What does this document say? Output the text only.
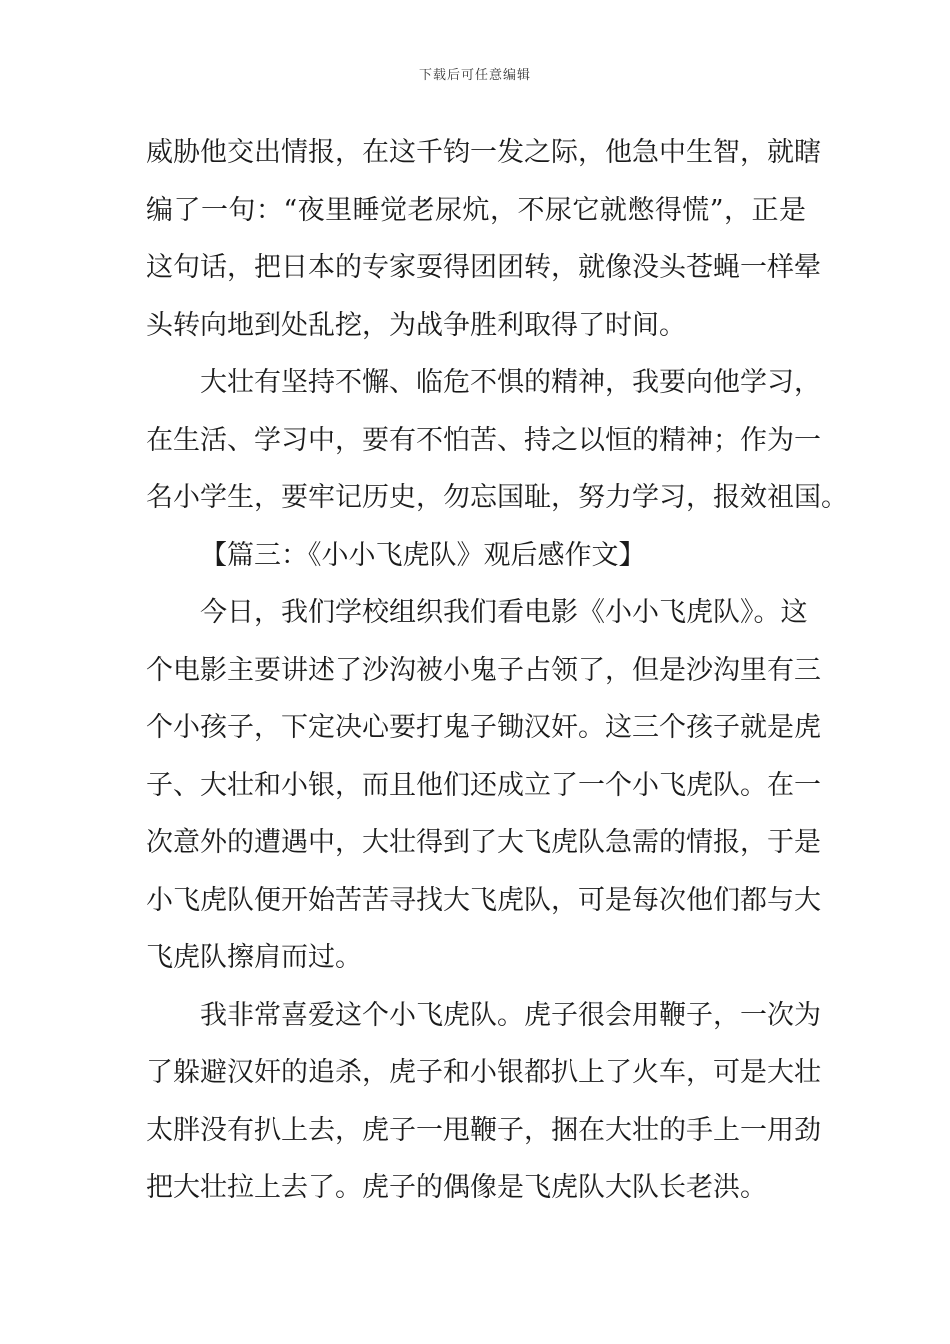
下载后可任意编辑
威胁他交出情报，在这千钧一发之际，他急中生智，就瞎
编了一句：“夜里睡觉老尿炕，不尿它就憋得慌”，正是
这句话，把日本的专家耍得团团转，就像没头苍蝇一样晕
头转向地到处乱挖，为战争胜利取得了时间。
大壮有坚持不懈、临危不惧的精神，我要向他学习，
在生活、学习中，要有不怕苦、持之以恒的精神；作为一
名小学生，要牢记历史，勿忘国耻，努力学习，报效祖国。
【篇三：《小小飞虎队》观后感作文】
今日，我们学校组织我们看电影《小小飞虎队》。这
个电影主要讲述了沙沟被小鬼子占领了，但是沙沟里有三
个小孩子，下定决心要打鬼子锄汉奸。这三个孩子就是虎
子、大壮和小银，而且他们还成立了一个小飞虎队。在一
次意外的遭遇中，大壮得到了大飞虎队急需的情报，于是
小飞虎队便开始苦苦寻找大飞虎队，可是每次他们都与大
飞虎队擦肩而过。
我非常喜爱这个小飞虎队。虎子很会用鞭子，一次为
了躲避汉奸的追杀，虎子和小银都扒上了火车，可是大壮
太胖没有扒上去，虎子一甩鞭子，捆在大壮的手上一用劲
把大壮拉上去了。虎子的偶像是飞虎队大队长老洪。
